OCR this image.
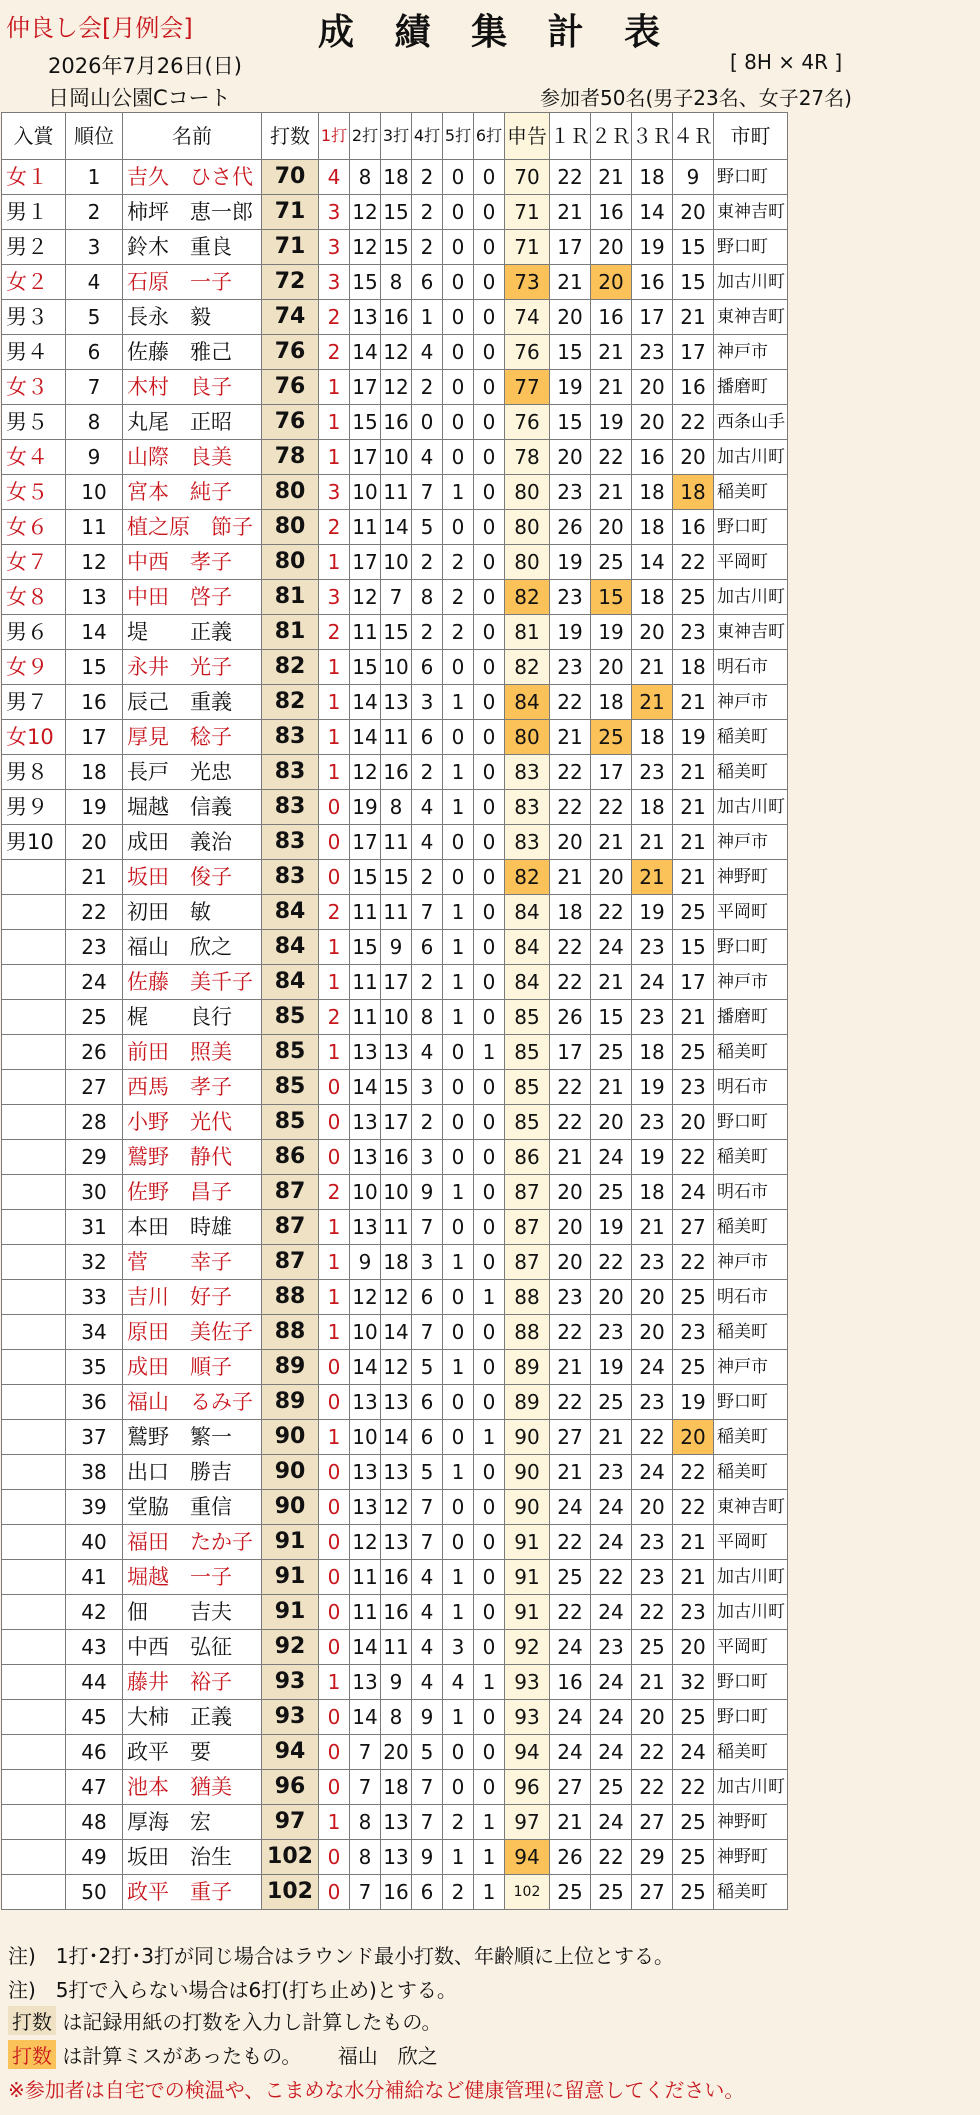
仲良し会[月例会]	成 績 集 計 表
2026年7月26日(日)
日岡山公園Cコート
[ 8H × 4R ]
参加者50名(男子23名、女子27名)
入賞	順位	名前	打数	1打	2打	3打	4打	5打	6打	申告	１Ｒ	２Ｒ	３Ｒ	４Ｒ	市町
女１	1	吉久　ひさ代	70	4	8	18	2	0	0	70	22	21	18	9	野口町
男１	2	柿坪　恵一郎	71	3	12	15	2	0	0	71	21	16	14	20	東神吉町
男２	3	鈴木　重良	71	3	12	15	2	0	0	71	17	20	19	15	野口町
女２	4	石原　一子	72	3	15	8	6	0	0	73	21	20	16	15	加古川町
男３	5	長永　毅	74	2	13	16	1	0	0	74	20	16	17	21	東神吉町
男４	6	佐藤　雅己	76	2	14	12	4	0	0	76	15	21	23	17	神戸市
女３	7	木村　良子	76	1	17	12	2	0	0	77	19	21	20	16	播磨町
男５	8	丸尾　正昭	76	1	15	16	0	0	0	76	15	19	20	22	西条山手
女４	9	山際　良美	78	1	17	10	4	0	0	78	20	22	16	20	加古川町
女５	10	宮本　純子	80	3	10	11	7	1	0	80	23	21	18	18	稲美町
女６	11	植之原　節子	80	2	11	14	5	0	0	80	26	20	18	16	野口町
女７	12	中西　孝子	80	1	17	10	2	2	0	80	19	25	14	22	平岡町
女８	13	中田　啓子	81	3	12	7	8	2	0	82	23	15	18	25	加古川町
男６	14	堤　　正義	81	2	11	15	2	2	0	81	19	19	20	23	東神吉町
女９	15	永井　光子	82	1	15	10	6	0	0	82	23	20	21	18	明石市
男７	16	辰己　重義	82	1	14	13	3	1	0	84	22	18	21	21	神戸市
女10	17	厚見　稔子	83	1	14	11	6	0	0	80	21	25	18	19	稲美町
男８	18	長戸　光忠	83	1	12	16	2	1	0	83	22	17	23	21	稲美町
男９	19	堀越　信義	83	0	19	8	4	1	0	83	22	22	18	21	加古川町
男10	20	成田　義治	83	0	17	11	4	0	0	83	20	21	21	21	神戸市
	21	坂田　俊子	83	0	15	15	2	0	0	82	21	20	21	21	神野町
	22	初田　敏	84	2	11	11	7	1	0	84	18	22	19	25	平岡町
	23	福山　欣之	84	1	15	9	6	1	0	84	22	24	23	15	野口町
	24	佐藤　美千子	84	1	11	17	2	1	0	84	22	21	24	17	神戸市
	25	梶　　良行	85	2	11	10	8	1	0	85	26	15	23	21	播磨町
	26	前田　照美	85	1	13	13	4	0	1	85	17	25	18	25	稲美町
	27	西馬　孝子	85	0	14	15	3	0	0	85	22	21	19	23	明石市
	28	小野　光代	85	0	13	17	2	0	0	85	22	20	23	20	野口町
	29	鷲野　静代	86	0	13	16	3	0	0	86	21	24	19	22	稲美町
	30	佐野　昌子	87	2	10	10	9	1	0	87	20	25	18	24	明石市
	31	本田　時雄	87	1	13	11	7	0	0	87	20	19	21	27	稲美町
	32	菅　　幸子	87	1	9	18	3	1	0	87	20	22	23	22	神戸市
	33	吉川　好子	88	1	12	12	6	0	1	88	23	20	20	25	明石市
	34	原田　美佐子	88	1	10	14	7	0	0	88	22	23	20	23	稲美町
	35	成田　順子	89	0	14	12	5	1	0	89	21	19	24	25	神戸市
	36	福山　るみ子	89	0	13	13	6	0	0	89	22	25	23	19	野口町
	37	鷲野　繁一	90	1	10	14	6	0	1	90	27	21	22	20	稲美町
	38	出口　勝吉	90	0	13	13	5	1	0	90	21	23	24	22	稲美町
	39	堂脇　重信	90	0	13	12	7	0	0	90	24	24	20	22	東神吉町
	40	福田　たか子	91	0	12	13	7	0	0	91	22	24	23	21	平岡町
	41	堀越　一子	91	0	11	16	4	1	0	91	25	22	23	21	加古川町
	42	佃　　吉夫	91	0	11	16	4	1	0	91	22	24	22	23	加古川町
	43	中西　弘征	92	0	14	11	4	3	0	92	24	23	25	20	平岡町
	44	藤井　裕子	93	1	13	9	4	4	1	93	16	24	21	32	野口町
	45	大柿　正義	93	0	14	8	9	1	0	93	24	24	20	25	野口町
	46	政平　要	94	0	7	20	5	0	0	94	24	24	22	24	稲美町
	47	池本　猶美	96	0	7	18	7	0	0	96	27	25	22	22	加古川町
	48	厚海　宏	97	1	8	13	7	2	1	97	21	24	27	25	神野町
	49	坂田　治生	102	0	8	13	9	1	1	94	26	22	29	25	神野町
	50	政平　重子	102	0	7	16	6	2	1	102	25	25	27	25	稲美町
注)　1打･2打･3打が同じ場合はラウンド最小打数、年齢順に上位とする。
注)　5打で入らない場合は6打(打ち止め)とする。
打数 は記録用紙の打数を入力し計算したもの。
打数 は計算ミスがあったもの。　　 福山　欣之
※参加者は自宅での検温や、こまめな水分補給など健康管理に留意してください。
